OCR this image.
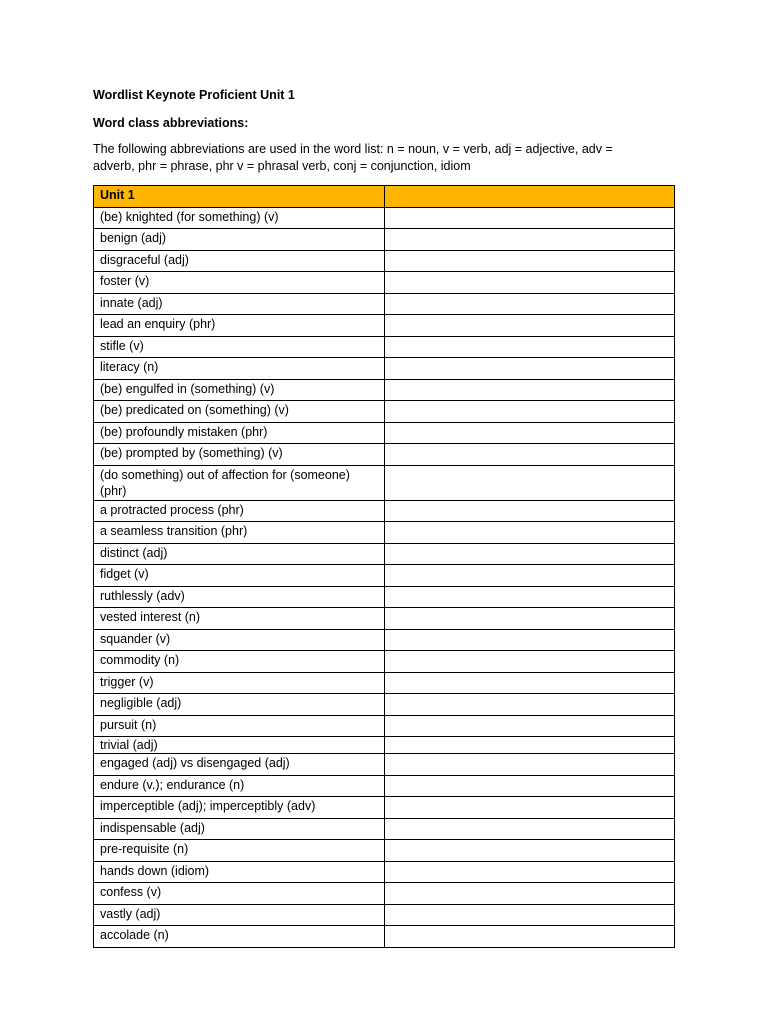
Wordlist Keynote Proficient Unit 1
Word class abbreviations:
The following abbreviations are used in the word list: n = noun, v = verb, adj = adjective, adv = adverb, phr = phrase, phr v = phrasal verb, conj = conjunction, idiom
Unit 1	
(be) knighted (for something) (v)	
benign (adj)	
disgraceful (adj)	
foster (v)	
innate (adj)	
lead an enquiry (phr)	
stifle (v)	
literacy (n)	
(be) engulfed in (something) (v)	
(be) predicated on (something) (v)	
(be) profoundly mistaken (phr)	
(be) prompted by (something) (v)	
(do something) out of affection for (someone) (phr)	
a protracted process (phr)	
a seamless transition (phr)	
distinct (adj)	
fidget (v)	
ruthlessly (adv)	
vested interest (n)	
squander (v)	
commodity (n)	
trigger (v)	
negligible (adj)	
pursuit (n)	
trivial (adj)	
engaged (adj) vs disengaged (adj)	
endure (v.); endurance (n)	
imperceptible (adj); imperceptibly (adv)	
indispensable (adj)	
pre-requisite (n)	
hands down (idiom)	
confess (v)	
vastly (adj)	
accolade (n)	
